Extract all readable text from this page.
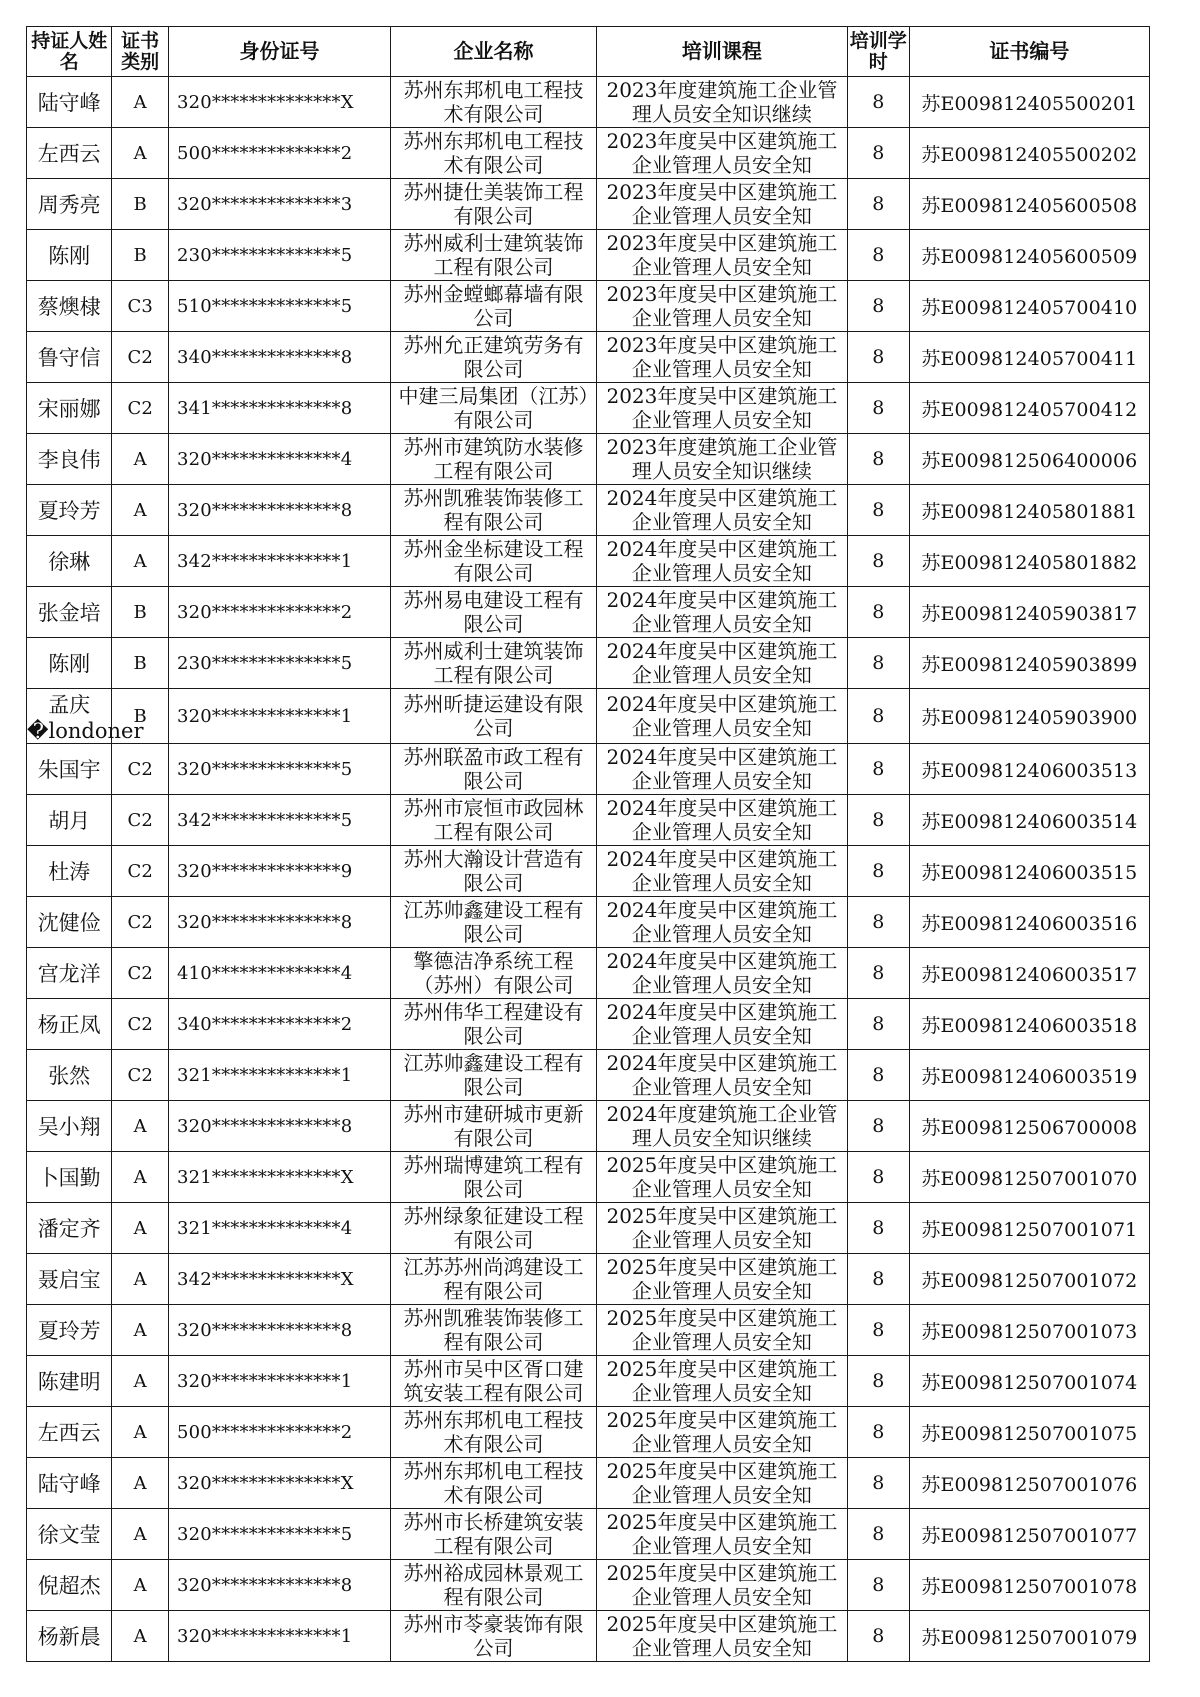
持证人姓名	证书类别	身份证号	企业名称	培训课程	培训学时	证书编号
陆守峰	A	320**************X	苏州东邦机电工程技术有限公司	2023年度建筑施工企业管理人员安全知识继续	8	苏E009812405500201
左西云	A	500**************2	苏州东邦机电工程技术有限公司	2023年度吴中区建筑施工企业管理人员安全知	8	苏E009812405500202
周秀亮	B	320**************3	苏州捷仕美装饰工程有限公司	2023年度吴中区建筑施工企业管理人员安全知	8	苏E009812405600508
陈刚	B	230**************5	苏州威利士建筑装饰工程有限公司	2023年度吴中区建筑施工企业管理人员安全知	8	苏E009812405600509
蔡燠棣	C3	510**************5	苏州金螳螂幕墙有限公司	2023年度吴中区建筑施工企业管理人员安全知	8	苏E009812405700410
鲁守信	C2	340**************8	苏州允正建筑劳务有限公司	2023年度吴中区建筑施工企业管理人员安全知	8	苏E009812405700411
宋丽娜	C2	341**************8	中建三局集团（江苏）有限公司	2023年度吴中区建筑施工企业管理人员安全知	8	苏E009812405700412
李良伟	A	320**************4	苏州市建筑防水装修工程有限公司	2023年度建筑施工企业管理人员安全知识继续	8	苏E009812506400006
夏玲芳	A	320**************8	苏州凯雅装饰装修工程有限公司	2024年度吴中区建筑施工企业管理人员安全知	8	苏E009812405801881
徐琳	A	342**************1	苏州金坐标建设工程有限公司	2024年度吴中区建筑施工企业管理人员安全知	8	苏E009812405801882
张金培	B	320**************2	苏州易电建设工程有限公司	2024年度吴中区建筑施工企业管理人员安全知	8	苏E009812405903817
陈刚	B	230**************5	苏州威利士建筑装饰工程有限公司	2024年度吴中区建筑施工企业管理人员安全知	8	苏E009812405903899
孟庆�londoner	B	320**************1	苏州昕捷运建设有限公司	2024年度吴中区建筑施工企业管理人员安全知	8	苏E009812405903900
朱国宇	C2	320**************5	苏州联盈市政工程有限公司	2024年度吴中区建筑施工企业管理人员安全知	8	苏E009812406003513
胡月	C2	342**************5	苏州市宸恒市政园林工程有限公司	2024年度吴中区建筑施工企业管理人员安全知	8	苏E009812406003514
杜涛	C2	320**************9	苏州大瀚设计营造有限公司	2024年度吴中区建筑施工企业管理人员安全知	8	苏E009812406003515
沈健俭	C2	320**************8	江苏帅鑫建设工程有限公司	2024年度吴中区建筑施工企业管理人员安全知	8	苏E009812406003516
宫龙洋	C2	410**************4	擎德洁净系统工程（苏州）有限公司	2024年度吴中区建筑施工企业管理人员安全知	8	苏E009812406003517
杨正凤	C2	340**************2	苏州伟华工程建设有限公司	2024年度吴中区建筑施工企业管理人员安全知	8	苏E009812406003518
张然	C2	321**************1	江苏帅鑫建设工程有限公司	2024年度吴中区建筑施工企业管理人员安全知	8	苏E009812406003519
吴小翔	A	320**************8	苏州市建研城市更新有限公司	2024年度建筑施工企业管理人员安全知识继续	8	苏E009812506700008
卜国勤	A	321**************X	苏州瑞博建筑工程有限公司	2025年度吴中区建筑施工企业管理人员安全知	8	苏E009812507001070
潘定齐	A	321**************4	苏州绿象征建设工程有限公司	2025年度吴中区建筑施工企业管理人员安全知	8	苏E009812507001071
聂启宝	A	342**************X	江苏苏州尚鸿建设工程有限公司	2025年度吴中区建筑施工企业管理人员安全知	8	苏E009812507001072
夏玲芳	A	320**************8	苏州凯雅装饰装修工程有限公司	2025年度吴中区建筑施工企业管理人员安全知	8	苏E009812507001073
陈建明	A	320**************1	苏州市吴中区胥口建筑安装工程有限公司	2025年度吴中区建筑施工企业管理人员安全知	8	苏E009812507001074
左西云	A	500**************2	苏州东邦机电工程技术有限公司	2025年度吴中区建筑施工企业管理人员安全知	8	苏E009812507001075
陆守峰	A	320**************X	苏州东邦机电工程技术有限公司	2025年度吴中区建筑施工企业管理人员安全知	8	苏E009812507001076
徐文莹	A	320**************5	苏州市长桥建筑安装工程有限公司	2025年度吴中区建筑施工企业管理人员安全知	8	苏E009812507001077
倪超杰	A	320**************8	苏州裕成园林景观工程有限公司	2025年度吴中区建筑施工企业管理人员安全知	8	苏E009812507001078
杨新晨	A	320**************1	苏州市苓豪装饰有限公司	2025年度吴中区建筑施工企业管理人员安全知	8	苏E009812507001079
